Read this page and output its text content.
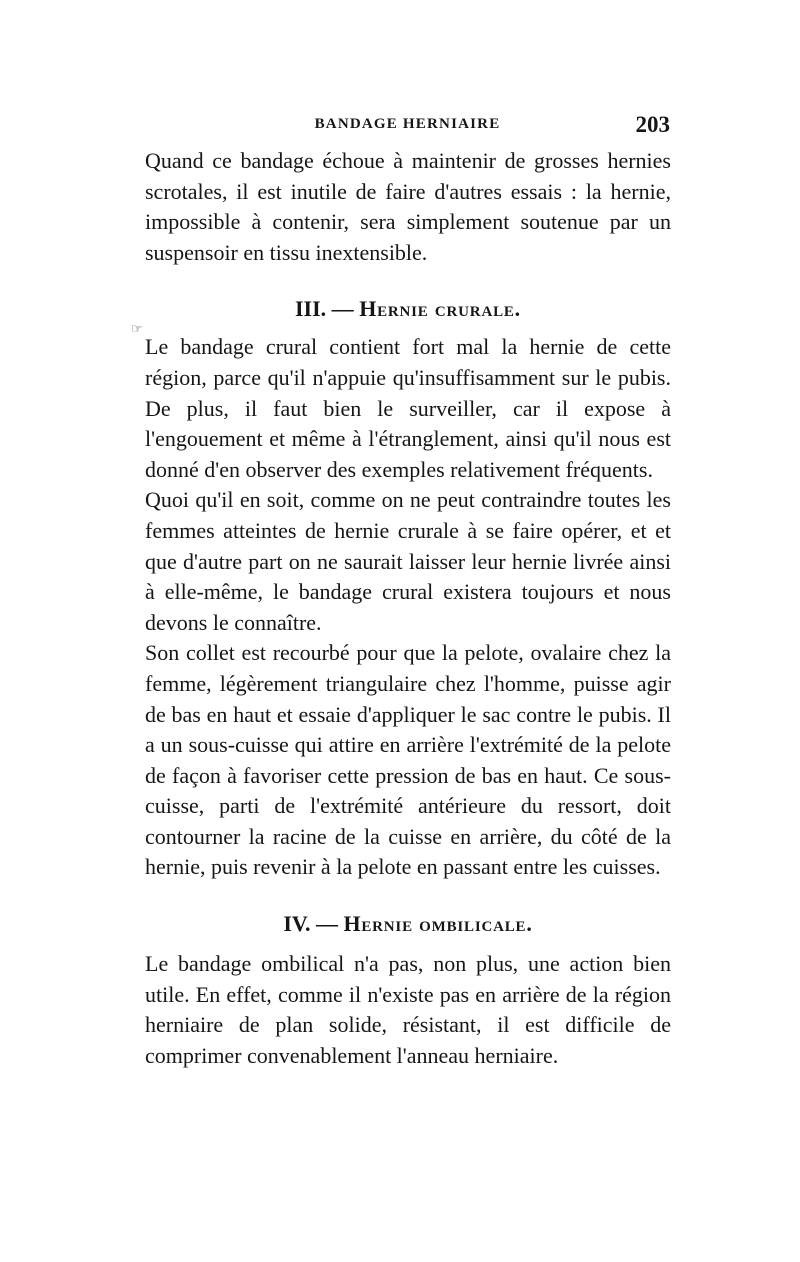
BANDAGE HERNIAIRE	203
☞

Quand ce bandage échoue à maintenir de grosses hernies scrotales, il est inutile de faire d'autres essais : la hernie, impossible à contenir, sera simplement soutenue par un suspensoir en tissu inextensible.

III. — Hernie crurale.

Le bandage crural contient fort mal la hernie de cette région, parce qu'il n'appuie qu'insuffisamment sur le pubis. De plus, il faut bien le surveiller, car il expose à l'engouement et même à l'étranglement, ainsi qu'il nous est donné d'en observer des exemples relativement fréquents.

Quoi qu'il en soit, comme on ne peut contraindre toutes les femmes atteintes de hernie crurale à se faire opérer, et et que d'autre part on ne saurait laisser leur hernie livrée ainsi à elle-même, le bandage crural existera toujours et nous devons le connaître.

Son collet est recourbé pour que la pelote, ovalaire chez la femme, légèrement triangulaire chez l'homme, puisse agir de bas en haut et essaie d'appliquer le sac contre le pubis. Il a un sous-cuisse qui attire en arrière l'extrémité de la pelote de façon à favoriser cette pression de bas en haut. Ce sous-cuisse, parti de l'extrémité antérieure du ressort, doit contourner la racine de la cuisse en arrière, du côté de la hernie, puis revenir à la pelote en passant entre les cuisses.

IV. — Hernie ombilicale.

Le bandage ombilical n'a pas, non plus, une action bien utile. En effet, comme il n'existe pas en arrière de la région herniaire de plan solide, résistant, il est difficile de comprimer convenablement l'anneau herniaire.
